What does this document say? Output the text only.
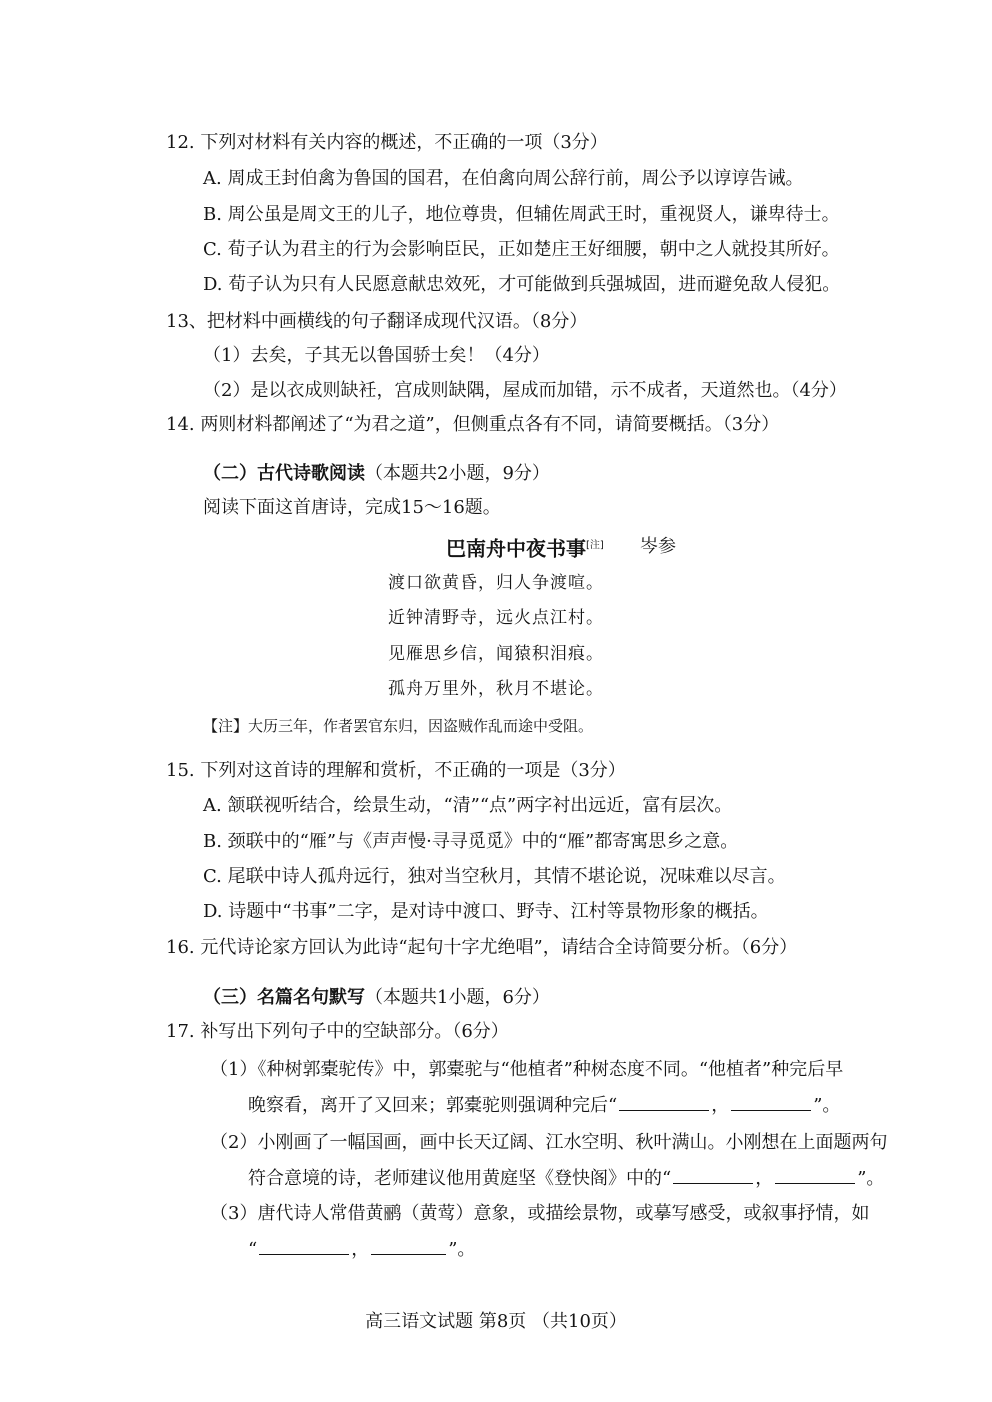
12. 下列对材料有关内容的概述，不正确的一项（3分）
A. 周成王封伯禽为鲁国的国君，在伯禽向周公辞行前，周公予以谆谆告诫。
B. 周公虽是周文王的儿子，地位尊贵，但辅佐周武王时，重视贤人，谦卑待士。
C. 荀子认为君主的行为会影响臣民，正如楚庄王好细腰，朝中之人就投其所好。
D. 荀子认为只有人民愿意献忠效死，才可能做到兵强城固，进而避免敌人侵犯。
13、把材料中画横线的句子翻译成现代汉语。（8分）
（1）去矣，子其无以鲁国骄士矣！（4分）
（2）是以衣成则缺衽，宫成则缺隅，屋成而加错，示不成者，天道然也。（4分）
14. 两则材料都阐述了“为君之道”，但侧重点各有不同，请简要概括。（3分）
（二）古代诗歌阅读（本题共2小题，9分）
阅读下面这首唐诗，完成15～16题。
巴南舟中夜书事[注] 岑参
渡口欲黄昏，归人争渡喧。
近钟清野寺，远火点江村。
见雁思乡信，闻猿积泪痕。
孤舟万里外，秋月不堪论。
【注】大历三年，作者罢官东归，因盗贼作乱而途中受阻。
15. 下列对这首诗的理解和赏析，不正确的一项是（3分）
A. 颔联视听结合，绘景生动，“清”“点”两字衬出远近，富有层次。
B. 颈联中的“雁”与《声声慢·寻寻觅觅》中的“雁”都寄寓思乡之意。
C. 尾联中诗人孤舟远行，独对当空秋月，其情不堪论说，况味难以尽言。
D. 诗题中“书事”二字，是对诗中渡口、野寺、江村等景物形象的概括。
16. 元代诗论家方回认为此诗“起句十字尤绝唱”，请结合全诗简要分析。（6分）
（三）名篇名句默写（本题共1小题，6分）
17. 补写出下列句子中的空缺部分。（6分）
（1）《种树郭橐驼传》中，郭橐驼与“他植者”种树态度不同。“他植者”种完后早
晚察看，离开了又回来；郭橐驼则强调种完后“	，	”。
（2）小刚画了一幅国画，画中长天辽阔、江水空明、秋叶满山。小刚想在上面题两句
符合意境的诗，老师建议他用黄庭坚《登快阁》中的“	，	”。
（3）唐代诗人常借黄鹂（黄莺）意象，或描绘景物，或摹写感受，或叙事抒情，如
“	，	”。
高三语文试题 第8页 （共10页）
